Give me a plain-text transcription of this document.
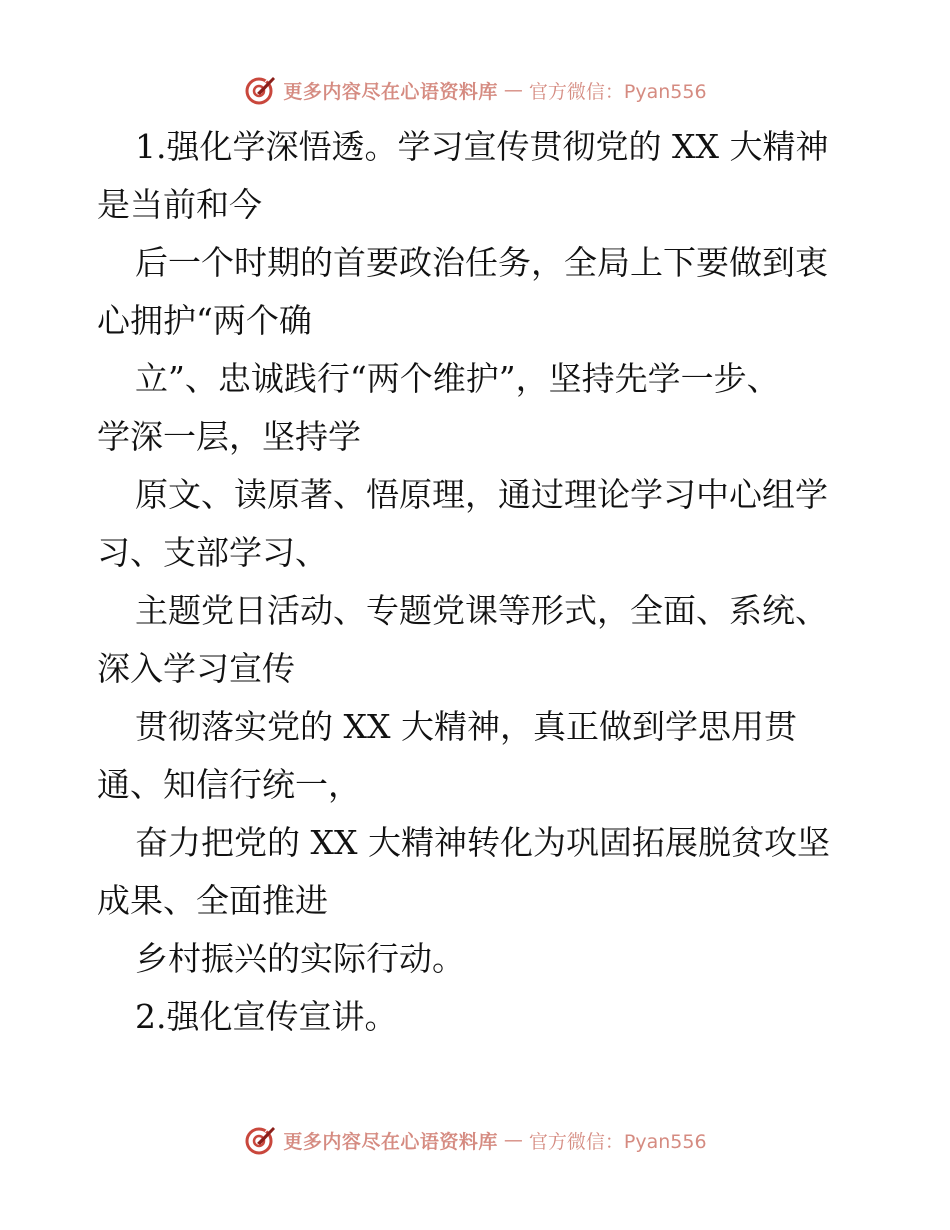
更多内容尽在心语资料库 — 官方微信：Pyan556
1.强化学深悟透。学习宣传贯彻党的 XX 大精神
是当前和今
后一个时期的首要政治任务，全局上下要做到衷
心拥护“两个确
立”、忠诚践行“两个维护”，坚持先学一步、
学深一层，坚持学
原文、读原著、悟原理，通过理论学习中心组学
习、支部学习、
主题党日活动、专题党课等形式，全面、系统、
深入学习宣传
贯彻落实党的 XX 大精神，真正做到学思用贯
通、知信行统一，
奋力把党的 XX 大精神转化为巩固拓展脱贫攻坚
成果、全面推进
乡村振兴的实际行动。
2.强化宣传宣讲。
更多内容尽在心语资料库 — 官方微信：Pyan556
